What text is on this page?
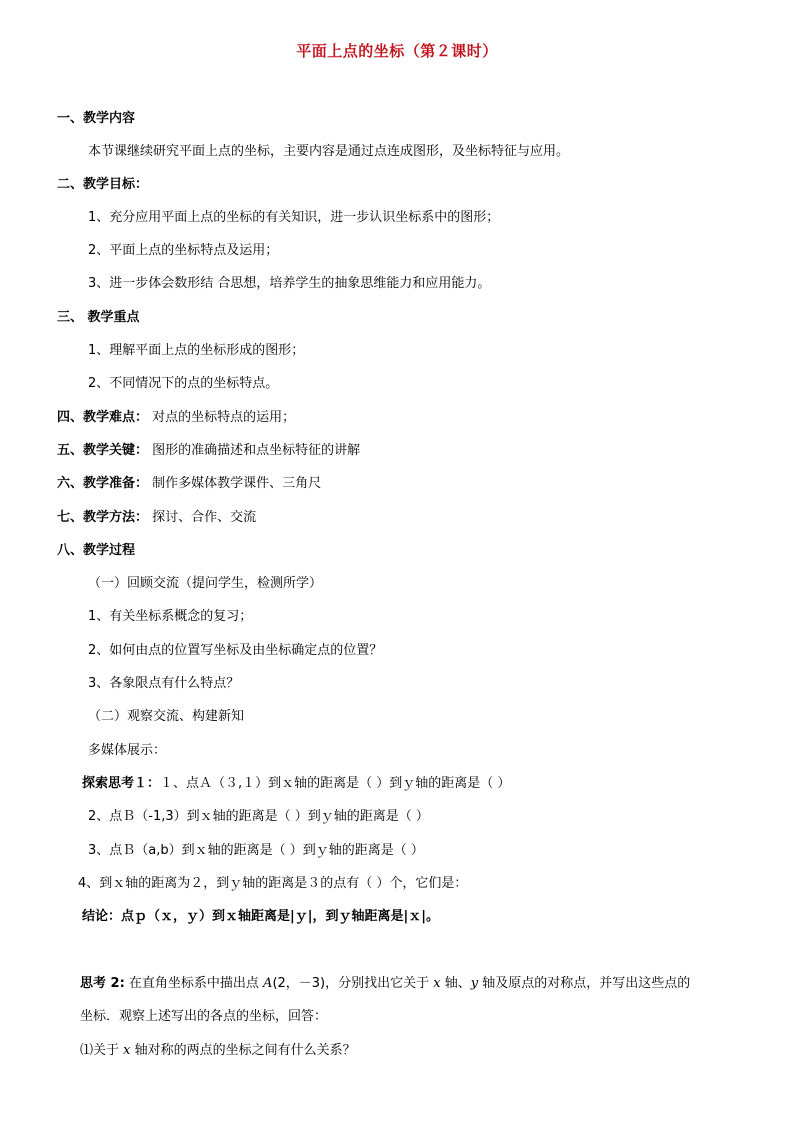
平面上点的坐标（第２课时）
一、教学内容
本节课继续研究平面上点的坐标，主要内容是通过点连成图形，及坐标特征与应用。
二、教学目标：
1、充分应用平面上点的坐标的有关知识，进一步认识坐标系中的图形；
2、平面上点的坐标特点及运用；
3、进一步体会数形结 合思想，培养学生的抽象思维能力和应用能力。
三、 教学重点
1、理解平面上点的坐标形成的图形；
2、不同情况下的点的坐标特点。
四、教学难点： 对点的坐标特点的运用；
五、教学关键： 图形的准确描述和点坐标特征的讲解
六、教学准备： 制作多媒体教学课件、三角尺
七、教学方法： 探讨、合作、交流
八、教学过程
（一）回顾交流（提问学生，检测所学）
1、有关坐标系概念的复习；
2、如何由点的位置写坐标及由坐标确定点的位置？
3、各象限点有什么特点？
（二）观察交流、构建新知
多媒体展示：
探索思考１：１、点Ａ（３,１）到ｘ轴的距离是（ ）到ｙ轴的距离是（ ）
2、点Ｂ（-1,3）到ｘ轴的距离是（ ）到ｙ轴的距离是（ ）
3、点Ｂ（a,b）到ｘ轴的距离是（ ）到ｙ轴的距离是（ ）
4、到ｘ轴的距离为２，到ｙ轴的距离是３的点有（ ）个，它们是：
结论：点ｐ（ｘ，ｙ）到ｘ轴距离是|ｙ|，到ｙ轴距离是|ｘ|。
思考 2: 在直角坐标系中描出点 A(2，－3)，分别找出它关于 x 轴、y 轴及原点的对称点，并写出这些点的
坐标．观察上述写出的各点的坐标，回答：
⑴关于 x 轴对称的两点的坐标之间有什么关系？
